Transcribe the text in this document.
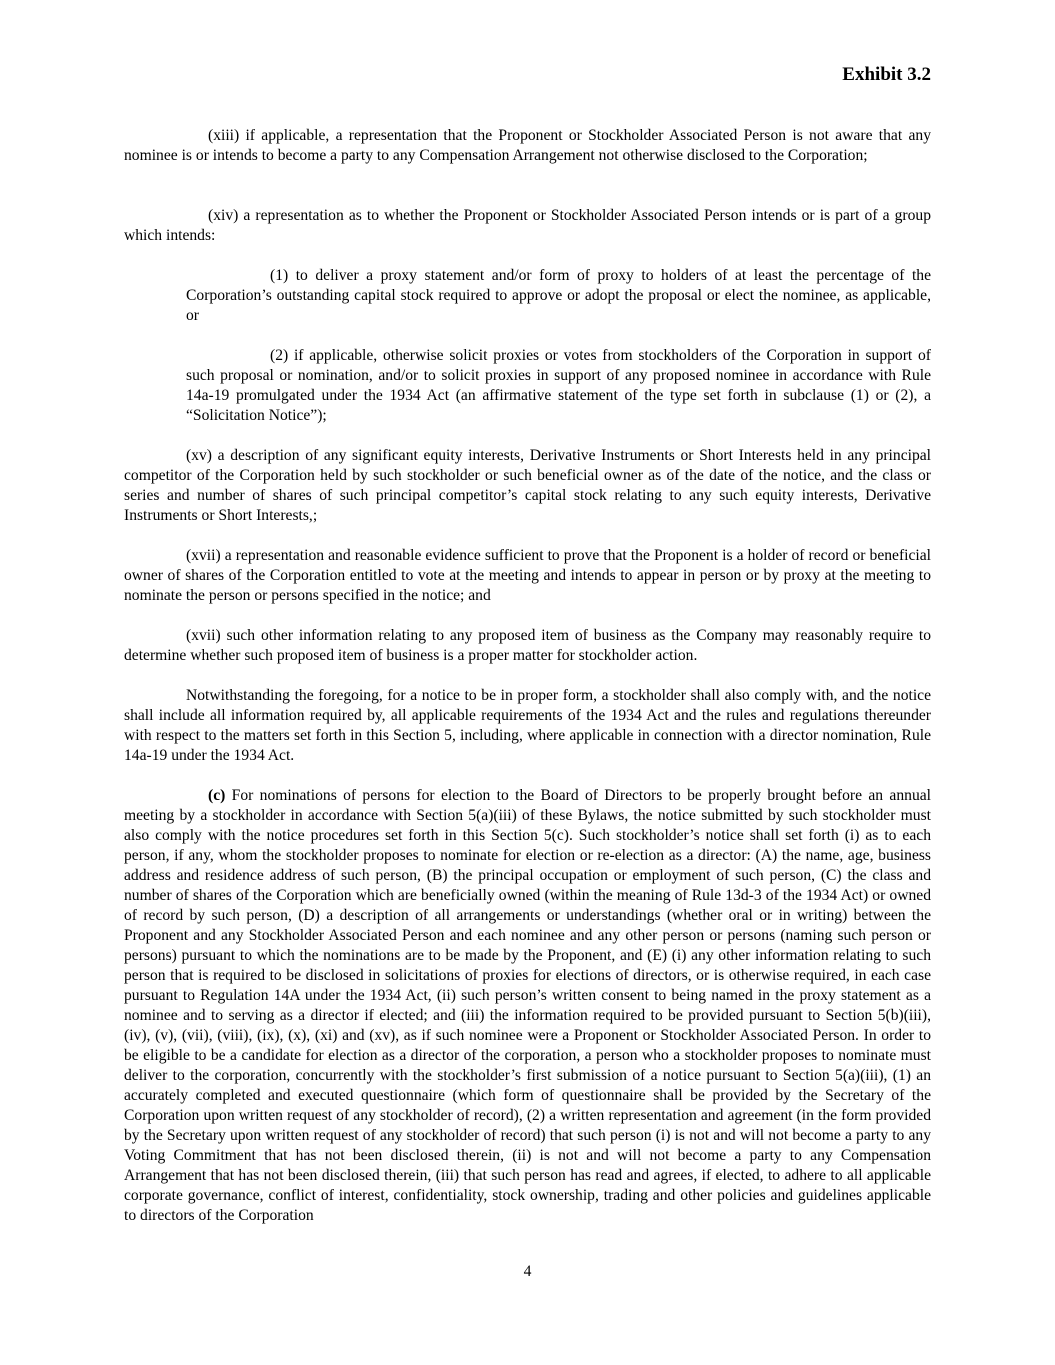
Exhibit 3.2

(xiii) if applicable, a representation that the Proponent or Stockholder Associated Person is not aware that any nominee is or intends to become a party to any Compensation Arrangement not otherwise disclosed to the Corporation;

(xiv) a representation as to whether the Proponent or Stockholder Associated Person intends or is part of a group which intends:

(1) to deliver a proxy statement and/or form of proxy to holders of at least the percentage of the Corporation’s outstanding capital stock required to approve or adopt the proposal or elect the nominee, as applicable, or

(2) if applicable, otherwise solicit proxies or votes from stockholders of the Corporation in support of such proposal or nomination, and/or to solicit proxies in support of any proposed nominee in accordance with Rule 14a-19 promulgated under the 1934 Act (an affirmative statement of the type set forth in subclause (1) or (2), a “Solicitation Notice”);

(xv) a description of any significant equity interests, Derivative Instruments or Short Interests held in any principal competitor of the Corporation held by such stockholder or such beneficial owner as of the date of the notice, and the class or series and number of shares of such principal competitor’s capital stock relating to any such equity interests, Derivative Instruments or Short Interests,;

(xvii) a representation and reasonable evidence sufficient to prove that the Proponent is a holder of record or beneficial owner of shares of the Corporation entitled to vote at the meeting and intends to appear in person or by proxy at the meeting to nominate the person or persons specified in the notice; and

(xvii) such other information relating to any proposed item of business as the Company may reasonably require to determine whether such proposed item of business is a proper matter for stockholder action.

Notwithstanding the foregoing, for a notice to be in proper form, a stockholder shall also comply with, and the notice shall include all information required by, all applicable requirements of the 1934 Act and the rules and regulations thereunder with respect to the matters set forth in this Section 5, including, where applicable in connection with a director nomination, Rule 14a-19 under the 1934 Act.

(c) For nominations of persons for election to the Board of Directors to be properly brought before an annual meeting by a stockholder in accordance with Section 5(a)(iii) of these Bylaws, the notice submitted by such stockholder must also comply with the notice procedures set forth in this Section 5(c). Such stockholder’s notice shall set forth (i) as to each person, if any, whom the stockholder proposes to nominate for election or re-election as a director: (A) the name, age, business address and residence address of such person, (B) the principal occupation or employment of such person, (C) the class and number of shares of the Corporation which are beneficially owned (within the meaning of Rule 13d-3 of the 1934 Act) or owned of record by such person, (D) a description of all arrangements or understandings (whether oral or in writing) between the Proponent and any Stockholder Associated Person and each nominee and any other person or persons (naming such person or persons) pursuant to which the nominations are to be made by the Proponent, and (E) (i) any other information relating to such person that is required to be disclosed in solicitations of proxies for elections of directors, or is otherwise required, in each case pursuant to Regulation 14A under the 1934 Act, (ii) such person’s written consent to being named in the proxy statement as a nominee and to serving as a director if elected; and (iii) the information required to be provided pursuant to Section 5(b)(iii), (iv), (v), (vii), (viii), (ix), (x), (xi) and (xv), as if such nominee were a Proponent or Stockholder Associated Person. In order to be eligible to be a candidate for election as a director of the corporation, a person who a stockholder proposes to nominate must deliver to the corporation, concurrently with the stockholder’s first submission of a notice pursuant to Section 5(a)(iii), (1) an accurately completed and executed questionnaire (which form of questionnaire shall be provided by the Secretary of the Corporation upon written request of any stockholder of record), (2) a written representation and agreement (in the form provided by the Secretary upon written request of any stockholder of record) that such person (i) is not and will not become a party to any Voting Commitment that has not been disclosed therein, (ii) is not and will not become a party to any Compensation Arrangement that has not been disclosed therein, (iii) that such person has read and agrees, if elected, to adhere to all applicable corporate governance, conflict of interest, confidentiality, stock ownership, trading and other policies and guidelines applicable to directors of the Corporation

4
